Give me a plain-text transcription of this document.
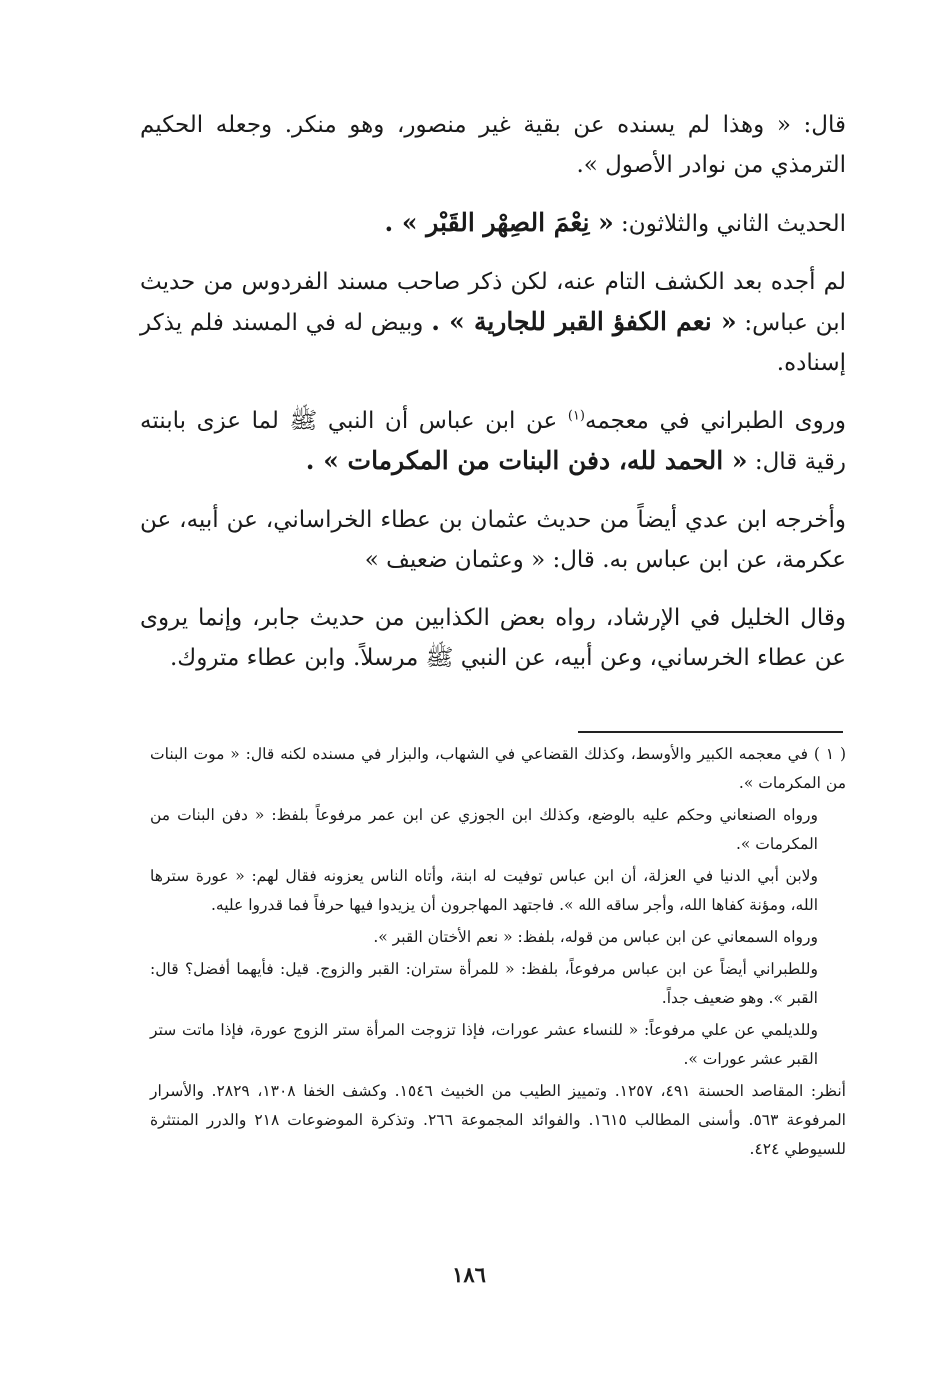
قال: « وهذا لم يسنده عن بقية غير منصور، وهو منكر. وجعله الحكيم الترمذي من نوادر الأصول ».

الحديث الثاني والثلاثون: « نِعْمَ الصِهْر القَبْر » .

لم أجده بعد الكشف التام عنه، لكن ذكر صاحب مسند الفردوس من حديث ابن عباس: « نعم الكفؤ القبر للجارية » . وبيض له في المسند فلم يذكر إسناده.

وروى الطبراني في معجمه$^{(١)}$ عن ابن عباس أن النبي ﷺ لما عزى بابنته رقية قال: « الحمد لله، دفن البنات من المكرمات » .

وأخرجه ابن عدي أيضاً من حديث عثمان بن عطاء الخراساني، عن أبيه، عن عكرمة، عن ابن عباس به. قال: « وعثمان ضعيف »

وقال الخليل في الإرشاد، رواه بعض الكذابين من حديث جابر، وإنما يروى عن عطاء الخرساني، وعن أبيه، عن النبي ﷺ مرسلاً. وابن عطاء متروك.

( ١ ) في معجمه الكبير والأوسط، وكذلك القضاعي في الشهاب، والبزار في مسنده لكنه قال: « موت البنات من المكرمات ».

ورواه الصنعاني وحكم عليه بالوضع، وكذلك ابن الجوزي عن ابن عمر مرفوعاً بلفظ: « دفن البنات من المكرمات ».

ولابن أبي الدنيا في العزلة، أن ابن عباس توفيت له ابنة، وأتاه الناس يعزونه فقال لهم: « عورة سترها الله، ومؤنة كفاها الله، وأجر ساقه الله ». فاجتهد المهاجرون أن يزيدوا فيها حرفاً فما قدروا عليه.

ورواه السمعاني عن ابن عباس من قوله، بلفظ: « نعم الأختان القبر ».

وللطبراني أيضاً عن ابن عباس مرفوعاً، بلفظ: « للمرأة ستران: القبر والزوج. قيل: فأيهما أفضل؟ قال: القبر ». وهو ضعيف جداً.

وللديلمي عن علي مرفوعاً: « للنساء عشر عورات، فإذا تزوجت المرأة ستر الزوج عورة، فإذا ماتت ستر القبر عشر عورات ».

أنظر: المقاصد الحسنة ٤٩١، ١٢٥٧. وتمييز الطيب من الخبيث ١٥٤٦. وكشف الخفا ١٣٠٨، ٢٨٢٩. والأسرار المرفوعة ٥٦٣. وأسنى المطالب ١٦١٥. والفوائد المجموعة ٢٦٦. وتذكرة الموضوعات ٢١٨ والدرر المنتثرة للسيوطي ٤٢٤.

١٨٦
